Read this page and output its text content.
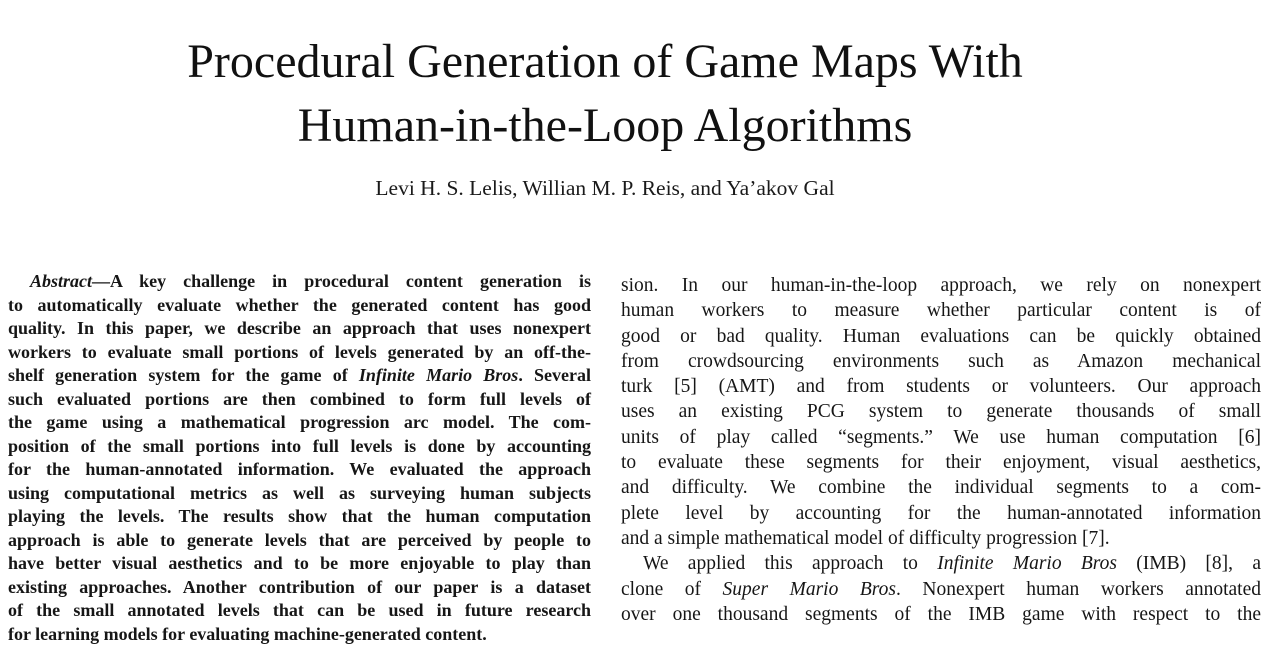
Procedural Generation of Game Maps With
Human-in-the-Loop Algorithms
Levi H. S. Lelis, Willian M. P. Reis, and Ya’akov Gal
Abstract—A key challenge in procedural content generation is
to automatically evaluate whether the generated content has good
quality. In this paper, we describe an approach that uses nonexpert
workers to evaluate small portions of levels generated by an off-the-
shelf generation system for the game of Infinite Mario Bros. Several
such evaluated portions are then combined to form full levels of
the game using a mathematical progression arc model. The com-
position of the small portions into full levels is done by accounting
for the human-annotated information. We evaluated the approach
using computational metrics as well as surveying human subjects
playing the levels. The results show that the human computation
approach is able to generate levels that are perceived by people to
have better visual aesthetics and to be more enjoyable to play than
existing approaches. Another contribution of our paper is a dataset
of the small annotated levels that can be used in future research
for learning models for evaluating machine-generated content.
sion. In our human-in-the-loop approach, we rely on nonexpert
human workers to measure whether particular content is of
good or bad quality. Human evaluations can be quickly obtained
from crowdsourcing environments such as Amazon mechanical
turk [5] (AMT) and from students or volunteers. Our approach
uses an existing PCG system to generate thousands of small
units of play called “segments.” We use human computation [6]
to evaluate these segments for their enjoyment, visual aesthetics,
and difficulty. We combine the individual segments to a com-
plete level by accounting for the human-annotated information
and a simple mathematical model of difficulty progression [7].
We applied this approach to Infinite Mario Bros (IMB) [8], a
clone of Super Mario Bros. Nonexpert human workers annotated
over one thousand segments of the IMB game with respect to the
